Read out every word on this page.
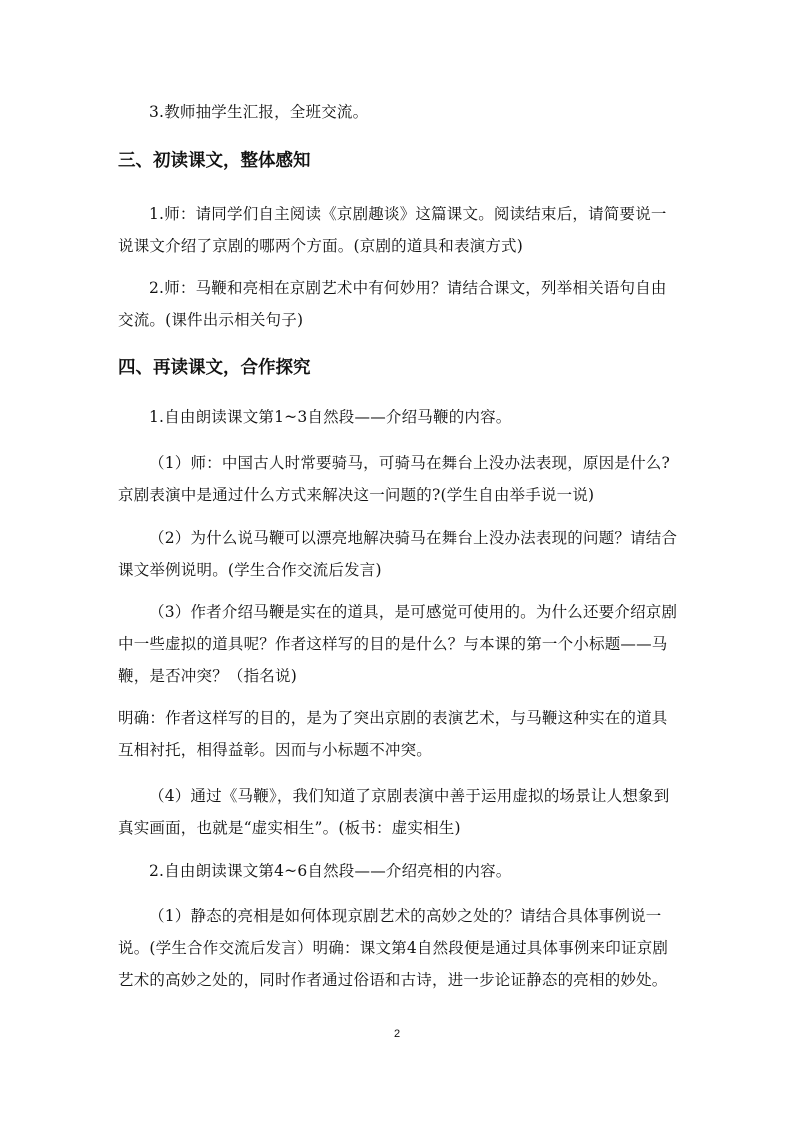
3.教师抽学生汇报，全班交流。

三、初读课文，整体感知

1.师：请同学们自主阅读《京剧趣谈》这篇课文。阅读结束后，请简要说一说课文介绍了京剧的哪两个方面。(京剧的道具和表演方式)

2.师：马鞭和亮相在京剧艺术中有何妙用？请结合课文，列举相关语句自由交流。(课件出示相关句子)

四、再读课文，合作探究

1.自由朗读课文第1~3自然段——介绍马鞭的内容。

（1）师：中国古人时常要骑马，可骑马在舞台上没办法表现，原因是什么?京剧表演中是通过什么方式来解决这一问题的?(学生自由举手说一说)

（2）为什么说马鞭可以漂亮地解决骑马在舞台上没办法表现的问题？请结合课文举例说明。(学生合作交流后发言)

（3）作者介绍马鞭是实在的道具，是可感觉可使用的。为什么还要介绍京剧中一些虚拟的道具呢？作者这样写的目的是什么？与本课的第一个小标题——马鞭，是否冲突？（指名说)

明确：作者这样写的目的，是为了突出京剧的表演艺术，与马鞭这种实在的道具互相衬托，相得益彰。因而与小标题不冲突。

（4）通过《马鞭》，我们知道了京剧表演中善于运用虚拟的场景让人想象到真实画面，也就是“虚实相生”。(板书：虚实相生)

2.自由朗读课文第4~6自然段——介绍亮相的内容。

（1）静态的亮相是如何体现京剧艺术的高妙之处的？请结合具体事例说一说。(学生合作交流后发言）明确：课文第4自然段便是通过具体事例来印证京剧艺术的高妙之处的，同时作者通过俗语和古诗，进一步论证静态的亮相的妙处。

2
